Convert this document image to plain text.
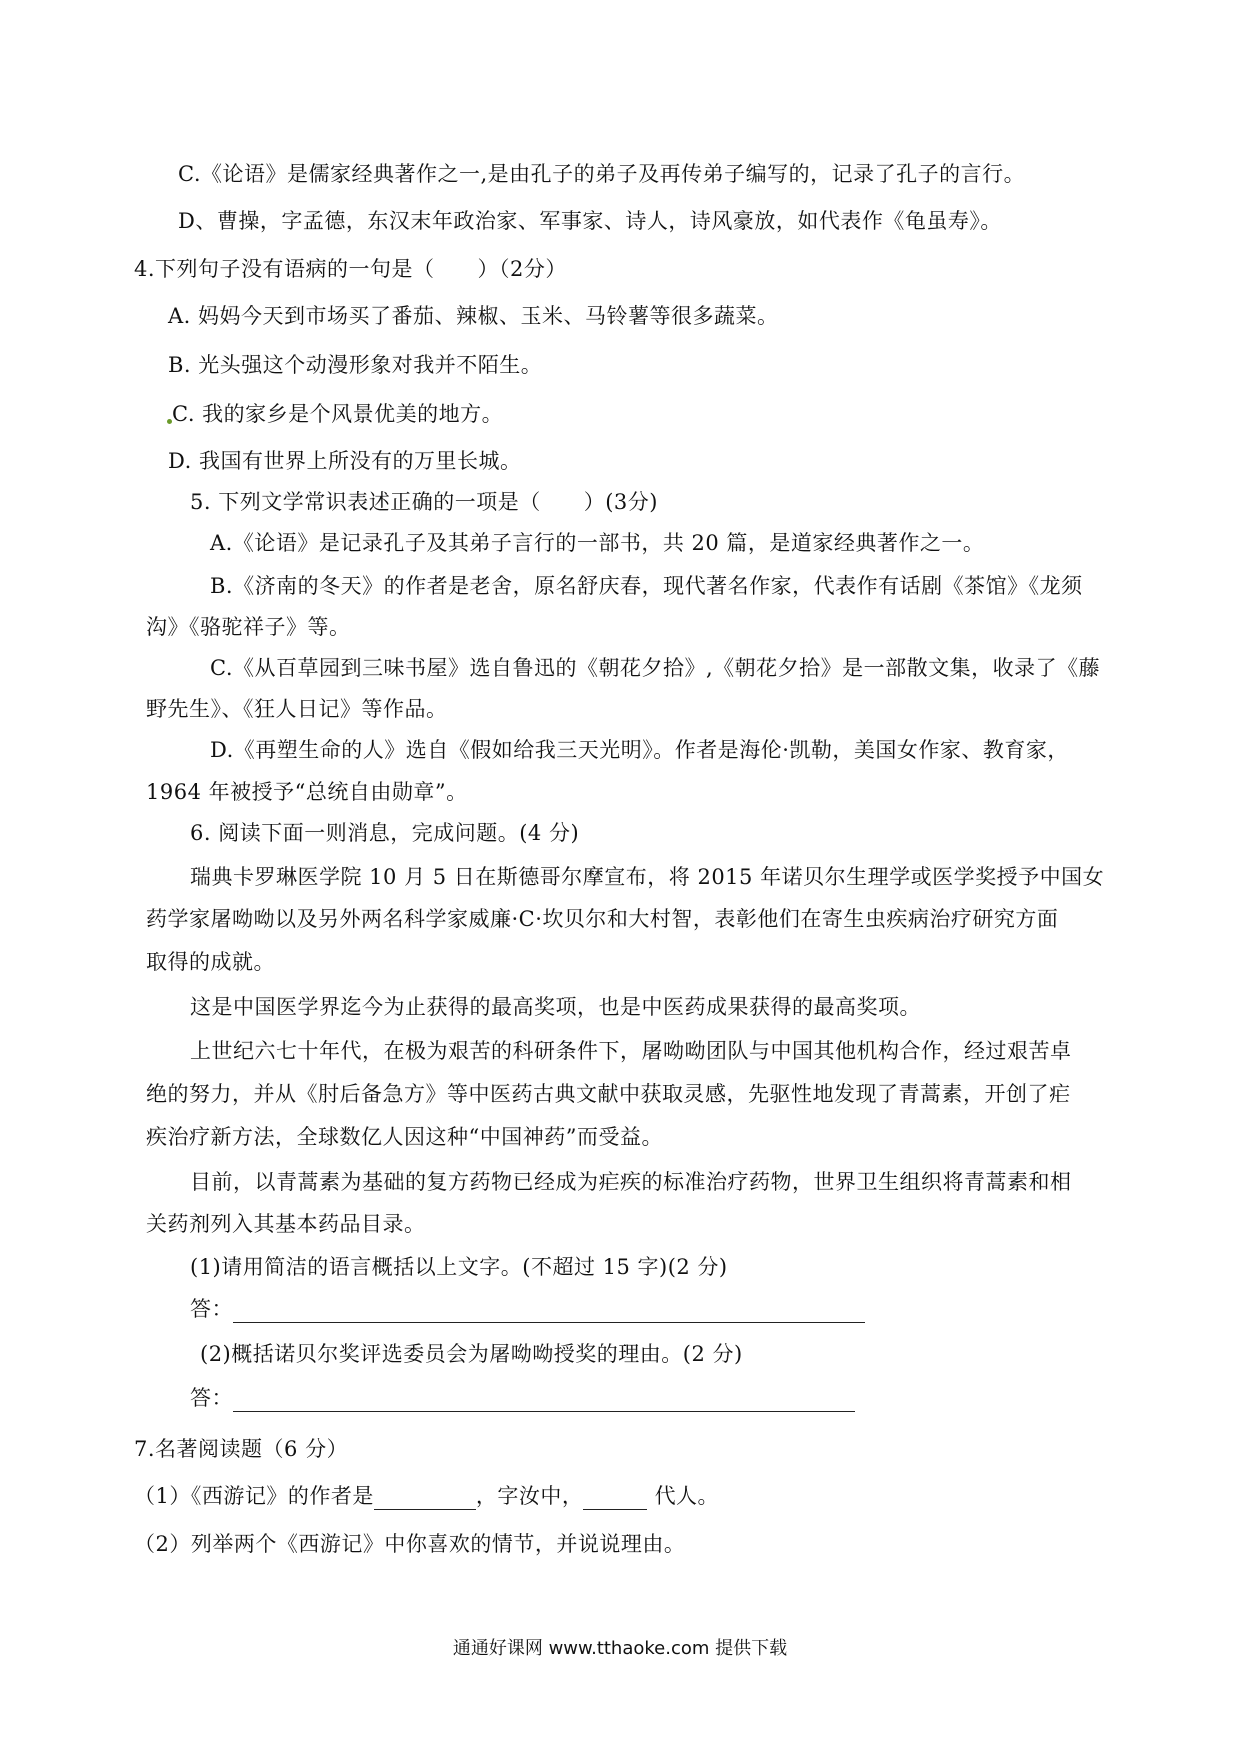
C.《论语》是儒家经典著作之一,是由孔子的弟子及再传弟子编写的，记录了孔子的言行。
D、曹操，字孟德，东汉末年政治家、军事家、诗人，诗风豪放，如代表作《龟虽寿》。
4.下列句子没有语病的一句是（　　）（2分）
A. 妈妈今天到市场买了番茄、辣椒、玉米、马铃薯等很多蔬菜。
B. 光头强这个动漫形象对我并不陌生。
C. 我的家乡是个风景优美的地方。
D. 我国有世界上所没有的万里长城。
5. 下列文学常识表述正确的一项是（　　）(3分)
A.《论语》是记录孔子及其弟子言行的一部书，共 20 篇，是道家经典著作之一。
B.《济南的冬天》的作者是老舍，原名舒庆春，现代著名作家，代表作有话剧《茶馆》《龙须
沟》《骆驼祥子》等。
C.《从百草园到三味书屋》选自鲁迅的《朝花夕拾》,《朝花夕拾》是一部散文集，收录了《藤
野先生》、《狂人日记》等作品。
D.《再塑生命的人》选自《假如给我三天光明》。作者是海伦·凯勒，美国女作家、教育家，
1964 年被授予“总统自由勋章”。
6. 阅读下面一则消息，完成问题。(4 分)
瑞典卡罗琳医学院 10 月 5 日在斯德哥尔摩宣布，将 2015 年诺贝尔生理学或医学奖授予中国女
药学家屠呦呦以及另外两名科学家威廉·C·坎贝尔和大村智，表彰他们在寄生虫疾病治疗研究方面
取得的成就。
这是中国医学界迄今为止获得的最高奖项，也是中医药成果获得的最高奖项。
上世纪六七十年代，在极为艰苦的科研条件下，屠呦呦团队与中国其他机构合作，经过艰苦卓
绝的努力，并从《肘后备急方》等中医药古典文献中获取灵感，先驱性地发现了青蒿素，开创了疟
疾治疗新方法，全球数亿人因这种“中国神药”而受益。
目前，以青蒿素为基础的复方药物已经成为疟疾的标准治疗药物，世界卫生组织将青蒿素和相
关药剂列入其基本药品目录。
(1)请用简洁的语言概括以上文字。(不超过 15 字)(2 分)
答：
(2)概括诺贝尔奖评选委员会为屠呦呦授奖的理由。(2 分)
答：
7.名著阅读题（6 分）
（1）《西游记》的作者是	，字汝中，	代人。
（2）列举两个《西游记》中你喜欢的情节，并说说理由。
通通好课网 www.tthaoke.com 提供下载
